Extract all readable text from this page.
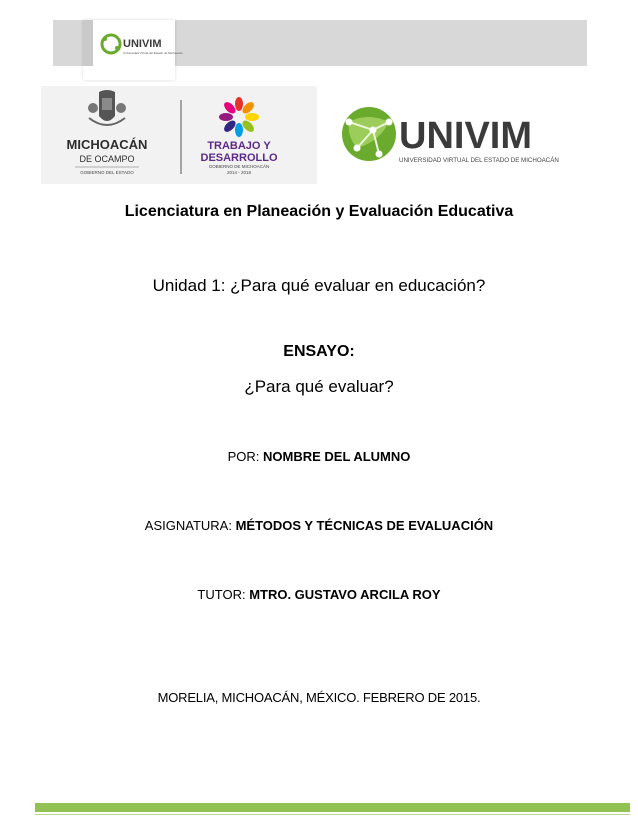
UNIVIM
Universidad Virtual del Estado de Michoacán
MICHOACÁN
DE OCAMPO
GOBIERNO DEL ESTADO
TRABAJO Y
DESARROLLO
GOBIERNO DE MICHOACÁN
2014 - 2018
UNIVIM
UNIVERSIDAD VIRTUAL DEL ESTADO DE MICHOACÁN
Licenciatura en Planeación y Evaluación Educativa
Unidad 1: ¿Para qué evaluar en educación?
ENSAYO:
¿Para qué evaluar?
POR: NOMBRE DEL ALUMNO
ASIGNATURA: MÉTODOS Y TÉCNICAS DE EVALUACIÓN
TUTOR: MTRO. GUSTAVO ARCILA ROY
MORELIA, MICHOACÁN, MÉXICO. FEBRERO DE 2015.
